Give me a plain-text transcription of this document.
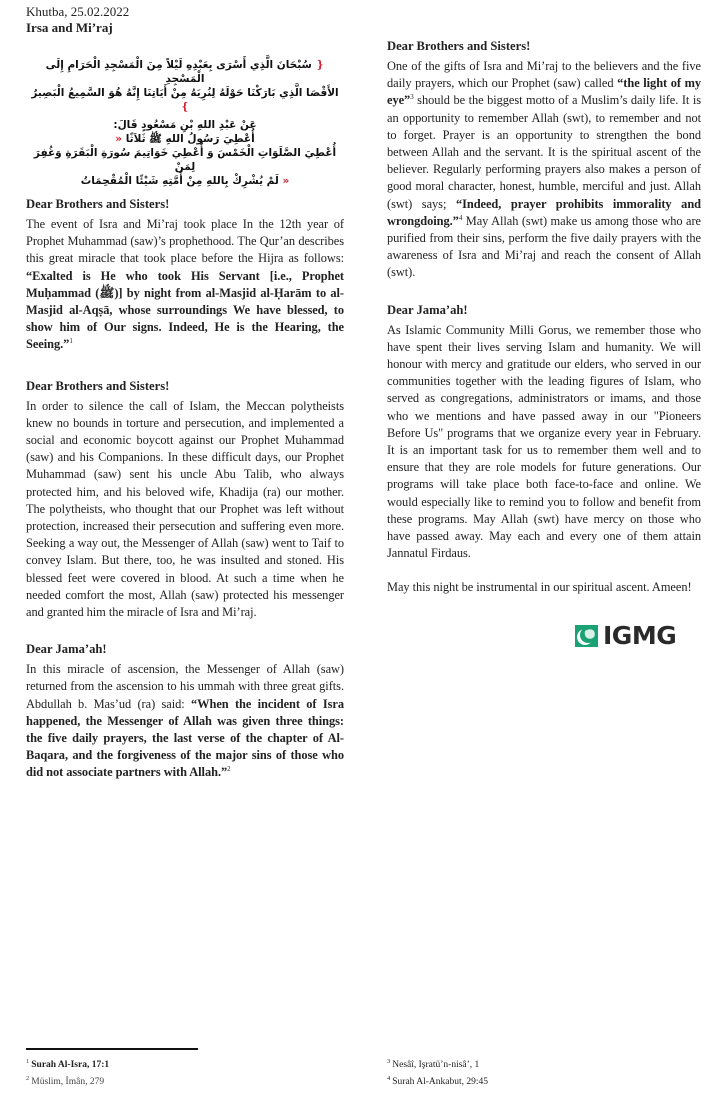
Khutba, 25.02.2022
Irsa and Mi’raj
❴ سُبْحَانَ الَّذِي أَسْرَى بِعَبْدِهِ لَيْلاً مِنَ الْمَسْجِدِ الْحَرَامِ إِلَى الْمَسْجِدِ
الأَقْصَا الَّذِي بَارَكْنَا حَوْلَهُ لِنُرِيَهُ مِنْ أَيَاتِنَا إِنَّهُ هُوَ السَّمِيعُ الْبَصِيرُ ❵
عَنْ عَبْدِ اللهِ بْنِ مَسْعُودٍ قَالَ:
أُعْطِيَ رَسُولُ اللهِ ﷺ ثَلاَثًا «
أُعْطِيَ الصَّلَوَاتِ الْخَمْسَ وَ أُعْطِيَ خَوَاتِيمَ سُورَةِ الْبَقَرَةِ وَغُفِرَ لِمَنْ
« لَمْ يُشْرِكْ بِاللهِ مِنْ أُمَّتِهِ شَيْئًا الْمُقْحِمَاتُ
Dear Brothers and Sisters!

The event of Isra and Mi’raj took place In the 12th year of Prophet Muhammad (saw)’s prophethood. The Qur’an describes this great miracle that took place before the Hijra as follows: “Exalted is He who took His Servant [i.e., Prophet Muḥammad (ﷺ)] by night from al-Masjid al-Ḥarām to al-Masjid al-Aqṣā, whose surroundings We have blessed, to show him of Our signs. Indeed, He is the Hearing, the Seeing.”$^1$

Dear Brothers and Sisters!

In order to silence the call of Islam, the Meccan polytheists knew no bounds in torture and persecution, and implemented a social and economic boycott against our Prophet Muhammad (saw) and his Companions. In these difficult days, our Prophet Muhammad (saw) sent his uncle Abu Talib, who always protected him, and his beloved wife, Khadija (ra) our mother. The polytheists, who thought that our Prophet was left without protection, increased their persecution and suffering even more. Seeking a way out, the Messenger of Allah (saw) went to Taif to convey Islam. But there, too, he was insulted and stoned. His blessed feet were covered in blood. At such a time when he needed comfort the most, Allah (saw) protected his messenger and granted him the miracle of Isra and Mi’raj.

Dear Jama’ah!

In this miracle of ascension, the Messenger of Allah (saw) returned from the ascension to his ummah with three great gifts. Abdullah b. Mas’ud (ra) said: “When the incident of Isra happened, the Messenger of Allah was given three things: the five daily prayers, the last verse of the chapter of Al-Baqara, and the forgiveness of the major sins of those who did not associate partners with Allah.”$^2$

Dear Brothers and Sisters!

One of the gifts of Isra and Mi’raj to the believers and the five daily prayers, which our Prophet (saw) called “the light of my eye”$^3$ should be the biggest motto of a Muslim’s daily life. It is an opportunity to remember Allah (swt), to remember and not to forget. Prayer is an opportunity to strengthen the bond between Allah and the servant. It is the spiritual ascent of the believer. Regularly performing prayers also makes a person of good moral character, honest, humble, merciful and just. Allah (swt) says; “Indeed, prayer prohibits immorality and wrongdoing.”$^4$ May Allah (swt) make us among those who are purified from their sins, perform the five daily prayers with the awareness of Isra and Mi’raj and reach the consent of Allah (swt).

Dear Jama’ah!

As Islamic Community Milli Gorus, we remember those who have spent their lives serving Islam and humanity. We will honour with mercy and gratitude our elders, who served in our communities together with the leading figures of Islam, who served as congregations, administrators or imams, and those who we mentions and have passed away in our "Pioneers Before Us" programs that we organize every year in February. It is an important task for us to remember them well and to ensure that they are role models for future generations. Our programs will take place both face-to-face and online. We would especially like to remind you to follow and benefit from these programs. May Allah (swt) have mercy on those who have passed away. May each and every one of them attain Jannatul Firdaus.

May this night be instrumental in our spiritual ascent. Ameen!

IGMG
$^1$ Surah Al-Isra, 17:1
$^2$ Müslim, İmân, 279
$^3$ Nesâî, Işratü’n-nisâ’, 1
$^4$ Surah Al-Ankabut, 29:45
